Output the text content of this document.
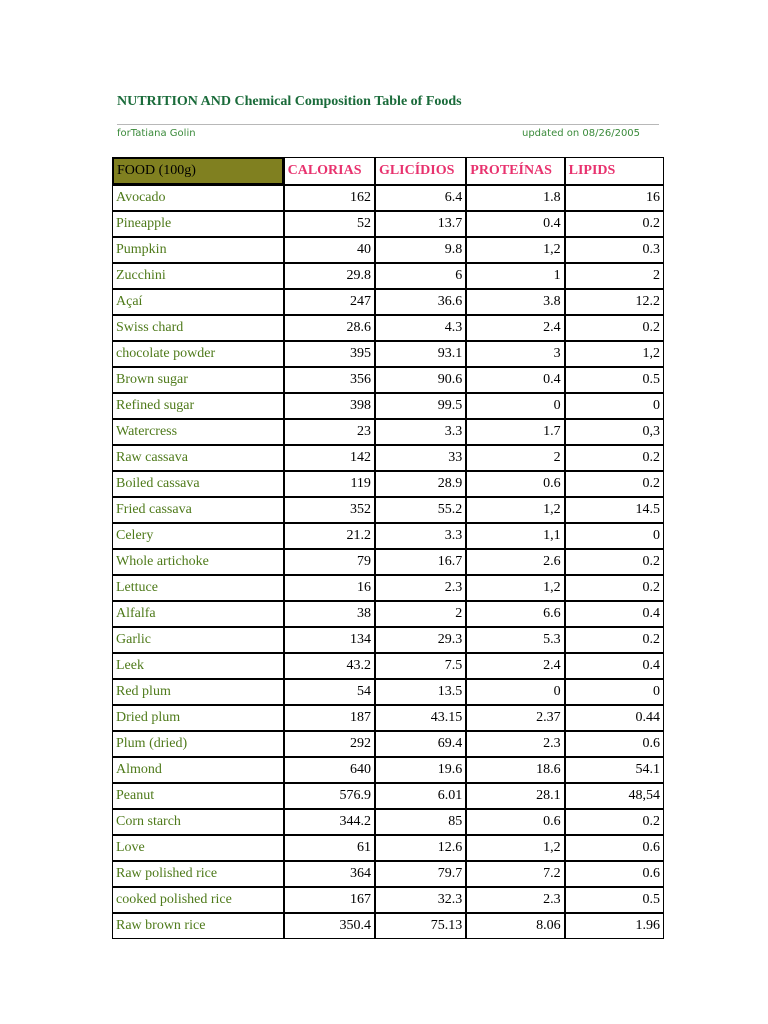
NUTRITION AND Chemical Composition Table of Foods
forTatiana Golin	updated on 08/26/2005
FOOD (100g)	CALORIAS	GLICÍDIOS	PROTEÍNAS	LIPIDS
Avocado	162	6.4	1.8	16
Pineapple	52	13.7	0.4	0.2
Pumpkin	40	9.8	1,2	0.3
Zucchini	29.8	6	1	2
Açaí	247	36.6	3.8	12.2
Swiss chard	28.6	4.3	2.4	0.2
chocolate powder	395	93.1	3	1,2
Brown sugar	356	90.6	0.4	0.5
Refined sugar	398	99.5	0	0
Watercress	23	3.3	1.7	0,3
Raw cassava	142	33	2	0.2
Boiled cassava	119	28.9	0.6	0.2
Fried cassava	352	55.2	1,2	14.5
Celery	21.2	3.3	1,1	0
Whole artichoke	79	16.7	2.6	0.2
Lettuce	16	2.3	1,2	0.2
Alfalfa	38	2	6.6	0.4
Garlic	134	29.3	5.3	0.2
Leek	43.2	7.5	2.4	0.4
Red plum	54	13.5	0	0
Dried plum	187	43.15	2.37	0.44
Plum (dried)	292	69.4	2.3	0.6
Almond	640	19.6	18.6	54.1
Peanut	576.9	6.01	28.1	48,54
Corn starch	344.2	85	0.6	0.2
Love	61	12.6	1,2	0.6
Raw polished rice	364	79.7	7.2	0.6
cooked polished rice	167	32.3	2.3	0.5
Raw brown rice	350.4	75.13	8.06	1.96
